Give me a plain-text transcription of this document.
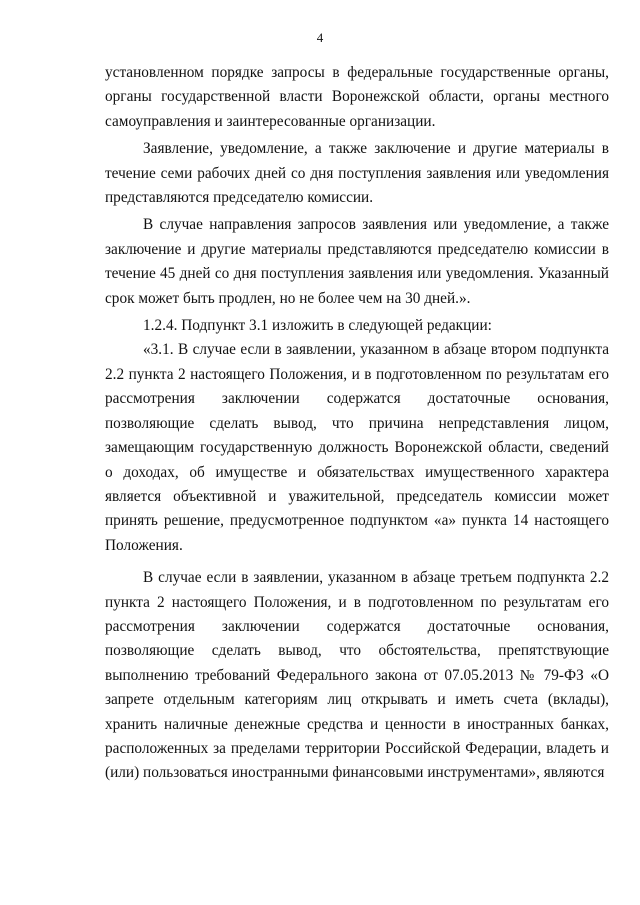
4

установленном порядке запросы в федеральные государственные органы, органы государственной власти Воронежской области, органы местного самоуправления и заинтересованные организации.

Заявление, уведомление, а также заключение и другие материалы в течение семи рабочих дней со дня поступления заявления или уведомления представляются председателю комиссии.

В случае направления запросов заявления или уведомление, а также заключение и другие материалы представляются председателю комиссии в течение 45 дней со дня поступления заявления или уведомления. Указанный срок может быть продлен, но не более чем на 30 дней.».

1.2.4. Подпункт 3.1 изложить в следующей редакции:

«3.1. В случае если в заявлении, указанном в абзаце втором подпункта 2.2 пункта 2 настоящего Положения, и в подготовленном по результатам его рассмотрения заключении содержатся достаточные основания, позволяющие сделать вывод, что причина непредставления лицом, замещающим государственную должность Воронежской области, сведений о доходах, об имуществе и обязательствах имущественного характера является объективной и уважительной, председатель комиссии может принять решение, предусмотренное подпунктом «а» пункта 14 настоящего Положения.

В случае если в заявлении, указанном в абзаце третьем подпункта 2.2 пункта 2 настоящего Положения, и в подготовленном по результатам его рассмотрения заключении содержатся достаточные основания, позволяющие сделать вывод, что обстоятельства, препятствующие выполнению требований Федерального закона от 07.05.2013 № 79-ФЗ «О запрете отдельным категориям лиц открывать и иметь счета (вклады), хранить наличные денежные средства и ценности в иностранных банках, расположенных за пределами территории Российской Федерации, владеть и (или) пользоваться иностранными финансовыми инструментами», являются
